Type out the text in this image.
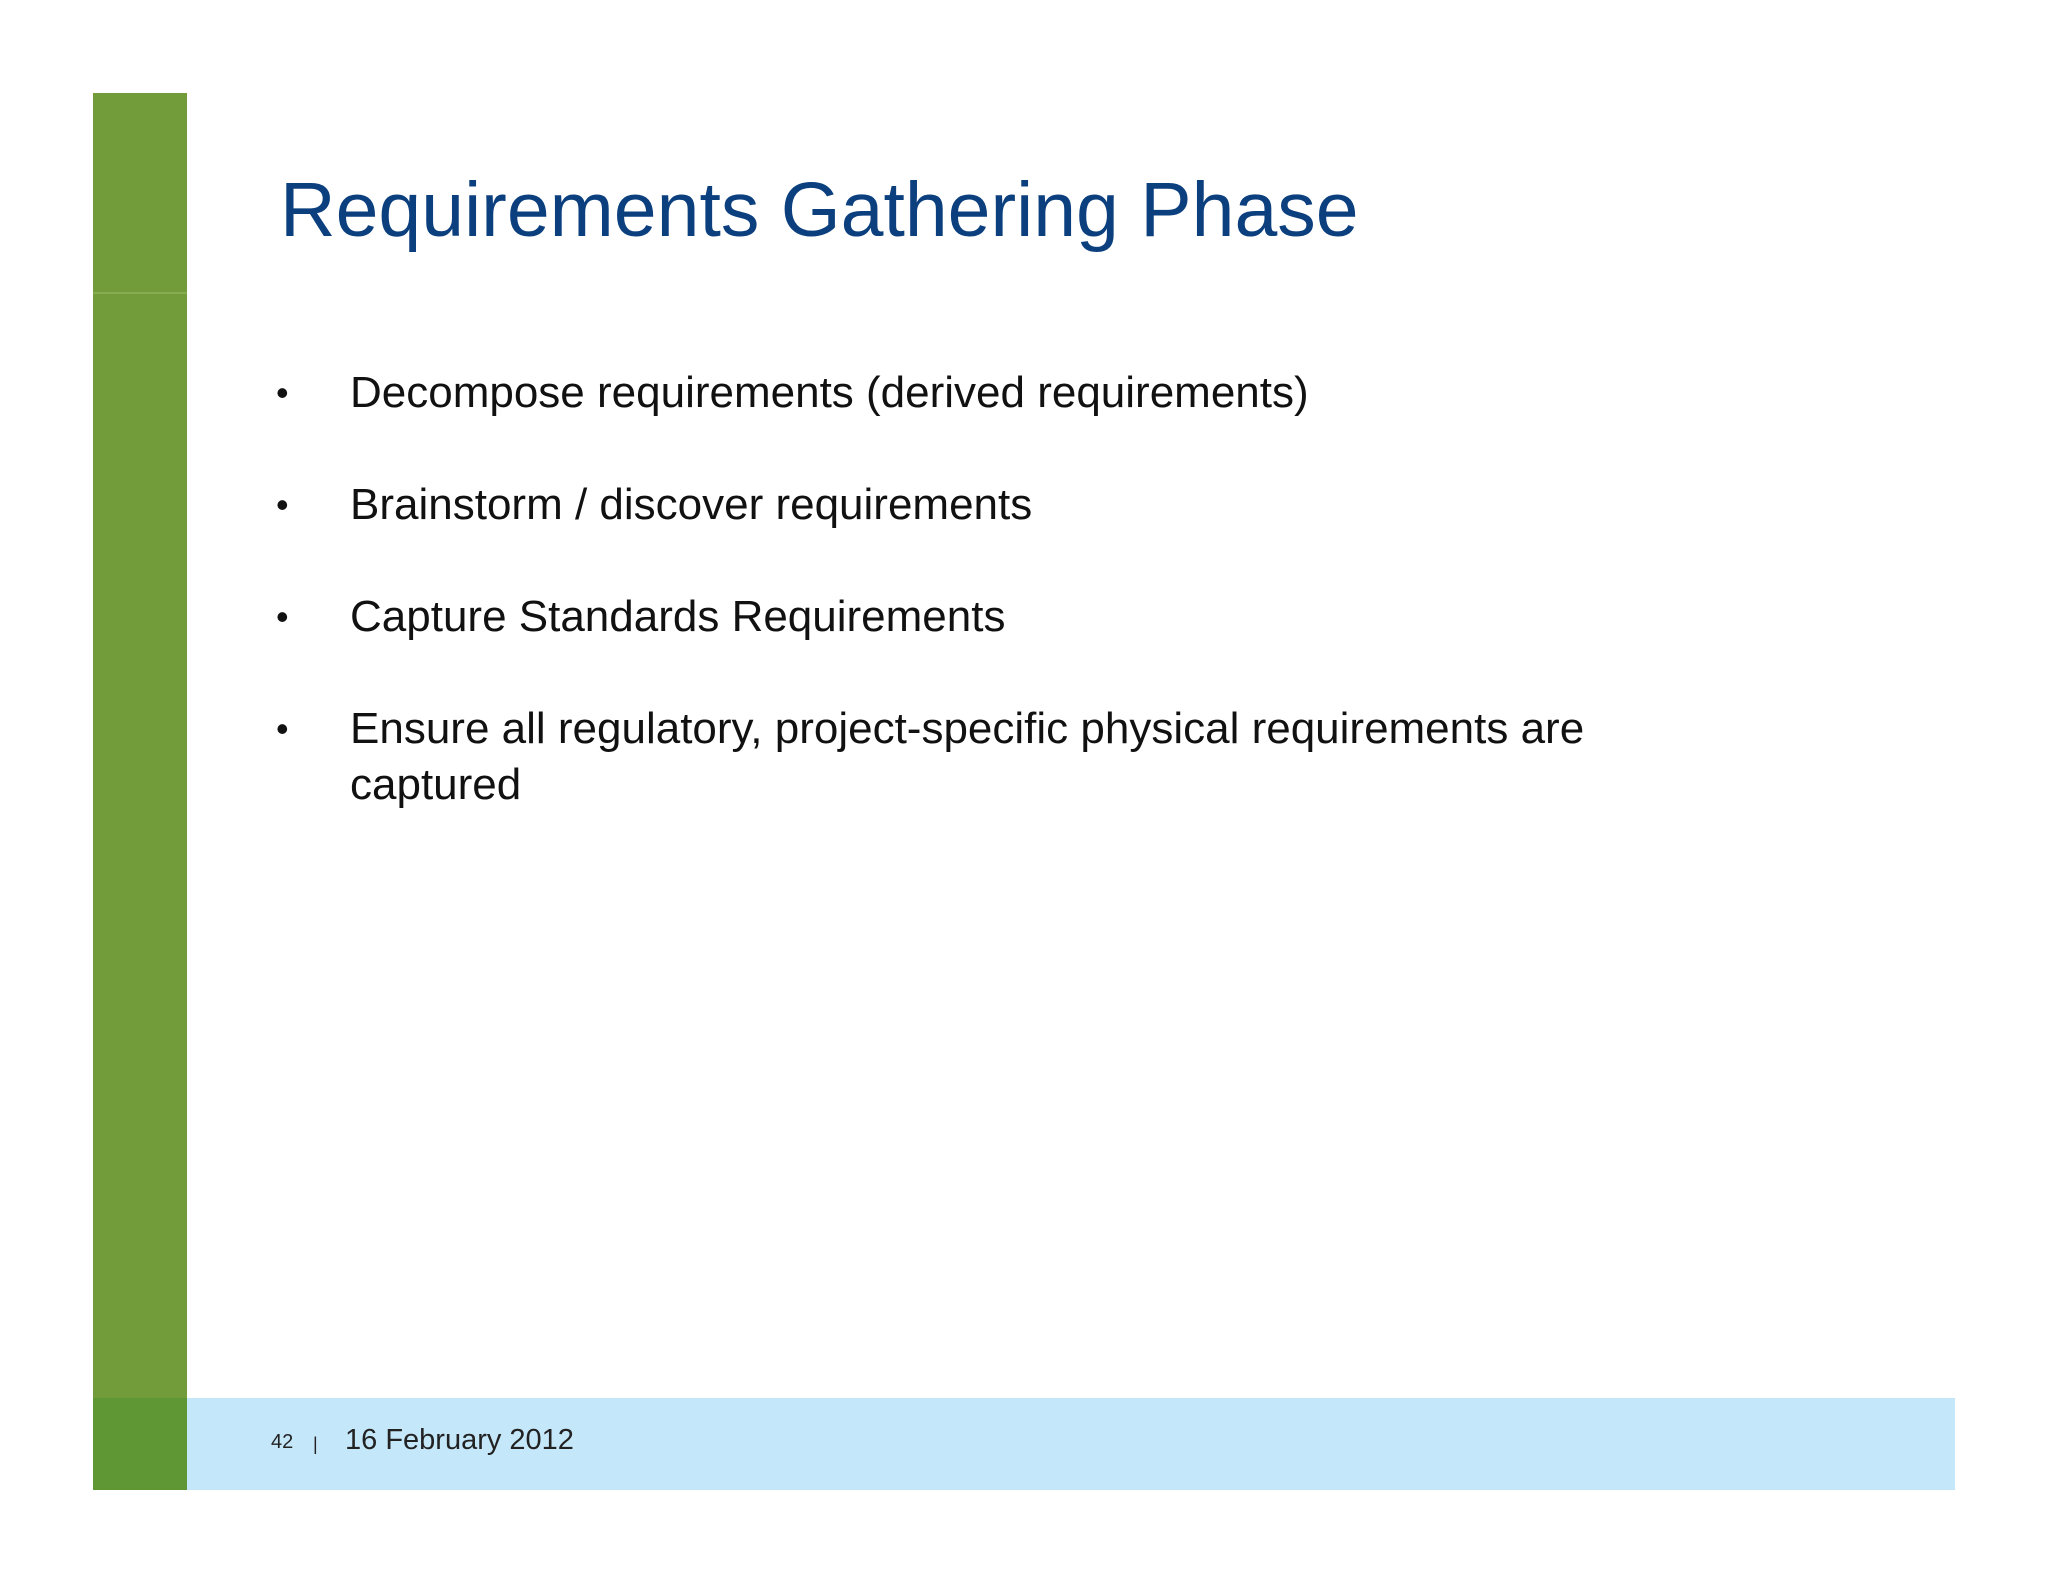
Requirements Gathering Phase
• Decompose requirements (derived requirements)
• Brainstorm / discover requirements
• Capture Standards Requirements
• Ensure all regulatory, project-specific physical requirements are captured
42 | 16 February 2012
